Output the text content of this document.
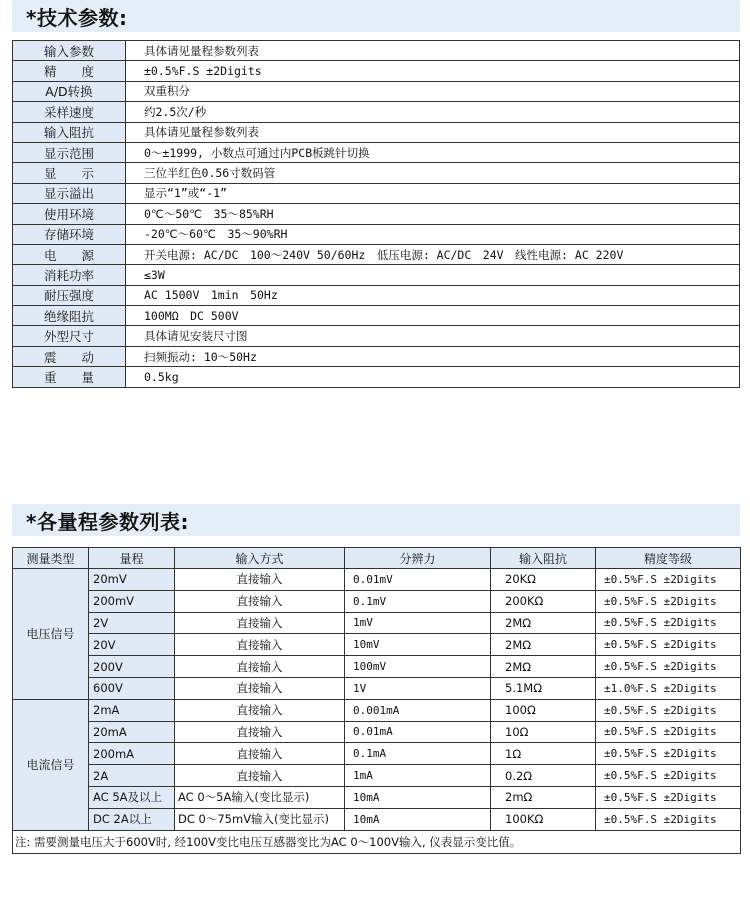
*技术参数:
输入参数	具体请见量程参数列表
精　　度	±0.5%F.S ±2Digits
A/D转换	双重积分
采样速度	约2.5次/秒
输入阻抗	具体请见量程参数列表
显示范围	0～±1999, 小数点可通过内PCB板跳针切换
显　　示	三位半红色0.56寸数码管
显示溢出	显示“1”或“-1”
使用环境	0℃～50℃　35～85%RH
存储环境	-20℃～60℃　35～90%RH
电　　源	开关电源: AC/DC　100～240V 50/60Hz　低压电源: AC/DC　24V　线性电源: AC 220V
消耗功率	≤3W
耐压强度	AC 1500V　1min　50Hz
绝缘阻抗	100MΩ　DC 500V
外型尺寸	具体请见安装尺寸图
震　　动	扫频振动: 10～50Hz
重　　量	0.5kg
*各量程参数列表:
测量类型	量程	输入方式	分辨力	输入阻抗	精度等级
电压信号	20mV	直接输入	0.01mV	20KΩ	±0.5%F.S ±2Digits
	200mV	直接输入	0.1mV	200KΩ	±0.5%F.S ±2Digits
	2V	直接输入	1mV	2MΩ	±0.5%F.S ±2Digits
	20V	直接输入	10mV	2MΩ	±0.5%F.S ±2Digits
	200V	直接输入	100mV	2MΩ	±0.5%F.S ±2Digits
	600V	直接输入	1V	5.1MΩ	±1.0%F.S ±2Digits
电流信号	2mA	直接输入	0.001mA	100Ω	±0.5%F.S ±2Digits
	20mA	直接输入	0.01mA	10Ω	±0.5%F.S ±2Digits
	200mA	直接输入	0.1mA	1Ω	±0.5%F.S ±2Digits
	2A	直接输入	1mA	0.2Ω	±0.5%F.S ±2Digits
	AC 5A及以上	AC 0～5A输入(变比显示)	10mA	2mΩ	±0.5%F.S ±2Digits
	DC 2A以上	DC 0～75mV输入(变比显示)	10mA	100KΩ	±0.5%F.S ±2Digits
注: 需要测量电压大于600V时, 经100V变比电压互感器变比为AC 0～100V输入, 仪表显示变比值。					
